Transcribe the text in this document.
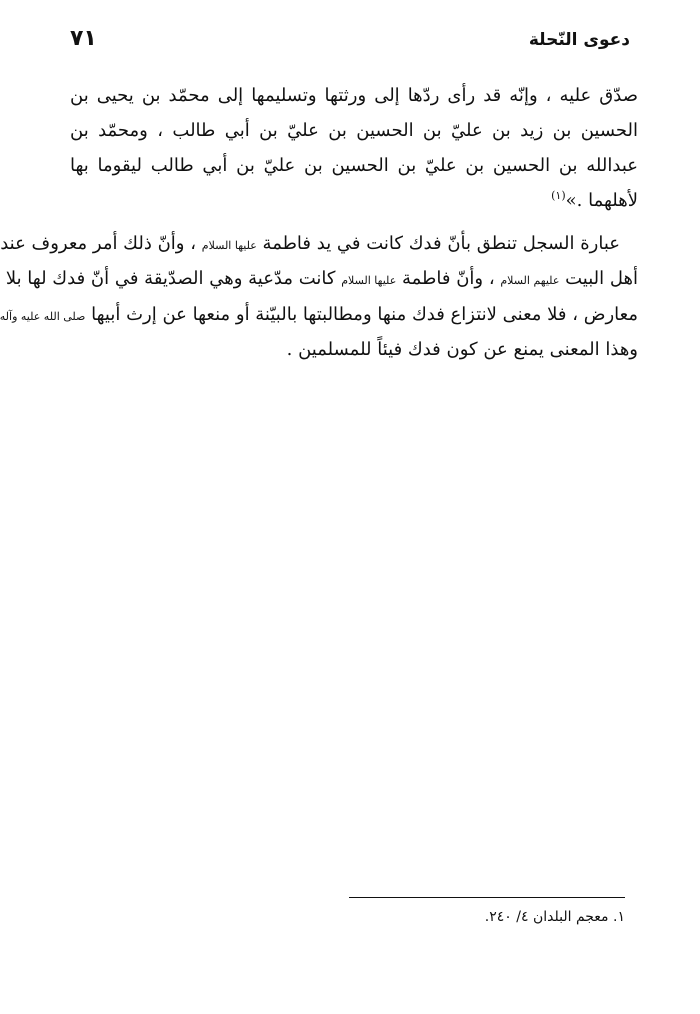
دعوى النّحلة
٧١
صدّق عليه ، وإنّه قد رأى ردّها إلى ورثتها وتسليمها إلى محمّد بن يحيى بن
الحسين بن زيد بن عليّ بن الحسين بن عليّ بن أبي طالب ، ومحمّد بن
عبدالله بن الحسين بن عليّ بن الحسين بن عليّ بن أبي طالب ليقوما بها
لأهلهما .»$^{(١)}$
عبارة السجل تنطق بأنّ فدك كانت في يد فاطمة عليها السلام ، وأنّ ذلك أمر معروف عند
أهل البيت عليهم السلام ، وأنّ فاطمة عليها السلام كانت مدّعية وهي الصدّيقة في أنّ فدك لها بلا
معارض ، فلا معنى لانتزاع فدك منها ومطالبتها بالبيّنة أو منعها عن إرث أبيها صلى الله عليه وآله
وهذا المعنى يمنع عن كون فدك فيئاً للمسلمين .
١. معجم البلدان ٤/ ٢٤٠.
